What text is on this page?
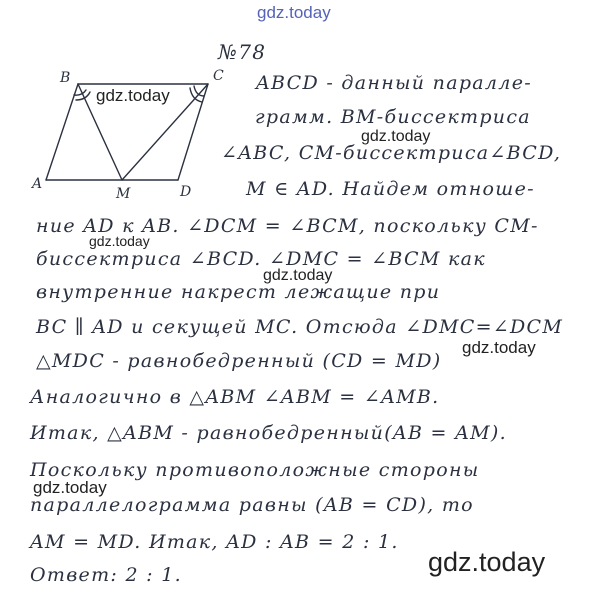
gdz.today
gdz.today
gdz.today
gdz.today
gdz.today
gdz.today
gdz.today
gdz.today
A
B	C
D
M
№78
ABCD - данный паралле-
грамм. BM-биссектриса
∠ABC, CM-биссектриса∠BCD,
M ∈ AD. Найдем отноше-
ние AD к AB. ∠DCM = ∠BCM, поскольку CM-
биссектриса ∠BCD. ∠DMC = ∠BCM как
внутренние накрест лежащие при
BC ∥ AD и секущей MC. Отсюда ∠DMC=∠DCM
△MDC - равнобедренный (CD = MD)
Аналогично в △ABM ∠ABM = ∠AMB.
Итак, △ABM - равнобедренный(AB = AM).
Поскольку противоположные стороны
параллелограмма равны (AB = CD), то
AM = MD. Итак, AD : AB = 2 : 1.
Ответ: 2 : 1.
